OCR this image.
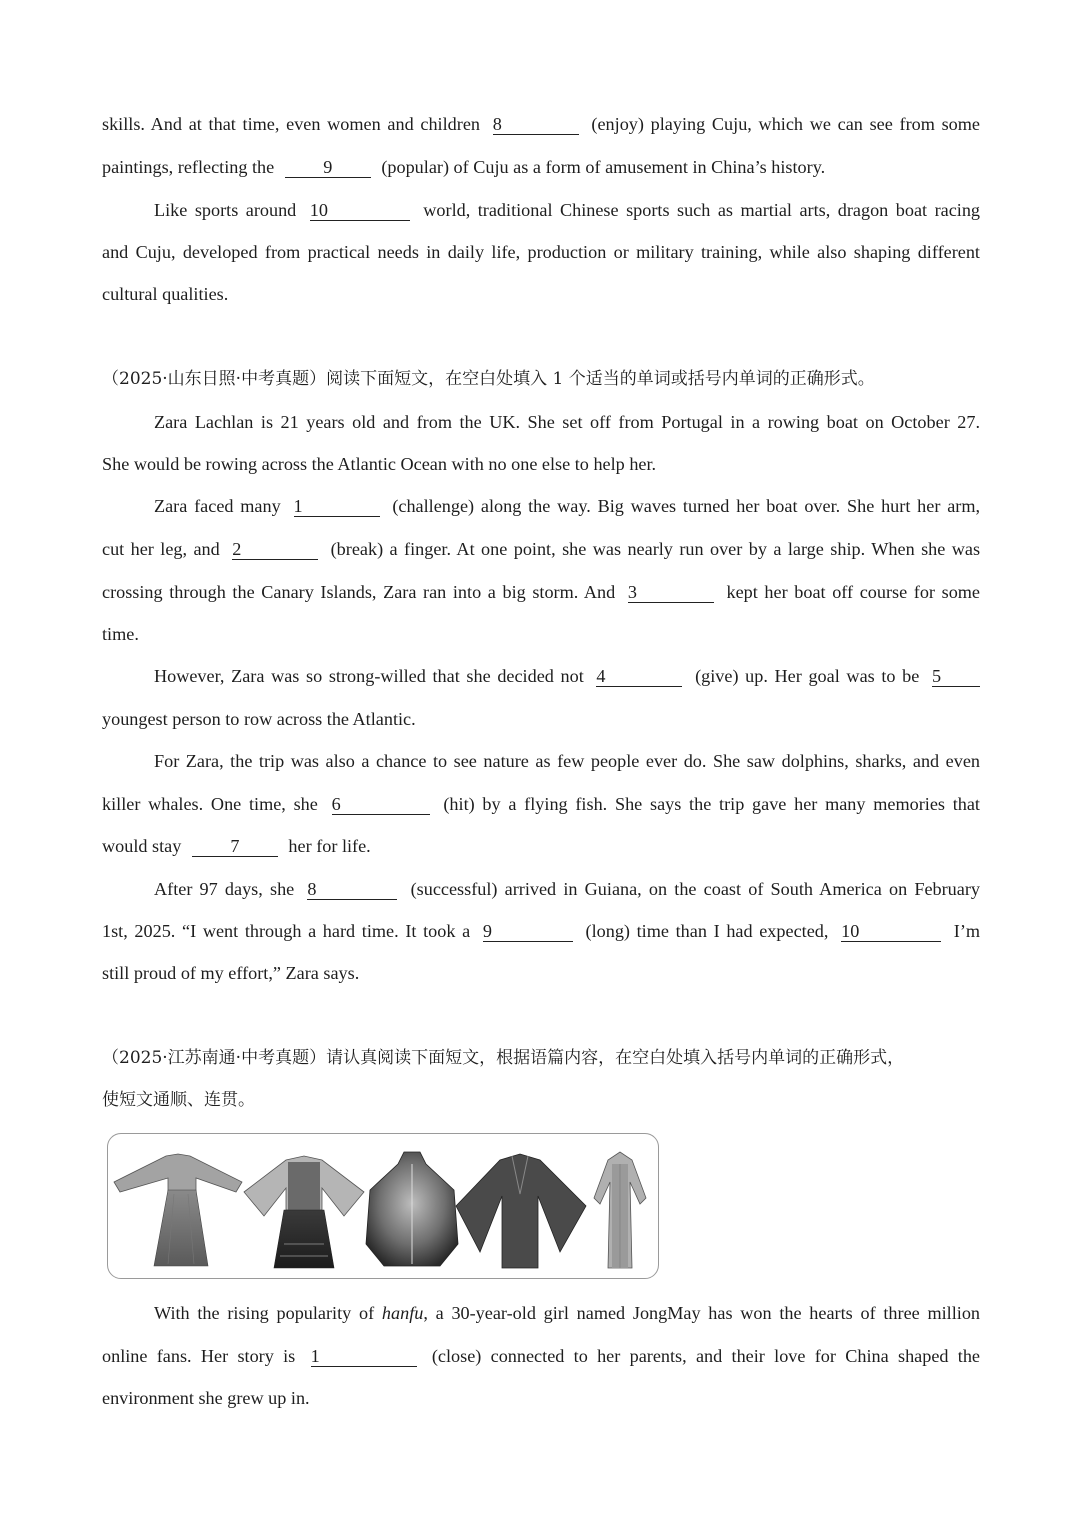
skills. And at that time, even women and children 8	(enjoy) playing Cuju, which we can see from some
paintings, reflecting the	9	(popular) of Cuju as a form of amusement in China’s history.
Like sports around 10	world, traditional Chinese sports such as martial arts, dragon boat racing
and Cuju, developed from practical needs in daily life, production or military training, while also shaping different
cultural qualities.
（2025·山东日照·中考真题）阅读下面短文，在空白处填入 1 个适当的单词或括号内单词的正确形式。
Zara Lachlan is 21 years old and from the UK. She set off from Portugal in a rowing boat on October 27.
She would be rowing across the Atlantic Ocean with no one else to help her.
Zara faced many 1	(challenge) along the way. Big waves turned her boat over. She hurt her arm,
cut her leg, and 2	(break) a finger. At one point, she was nearly run over by a large ship. When she was
crossing through the Canary Islands, Zara ran into a big storm. And 3	kept her boat off course for some
time.
However, Zara was so strong-willed that she decided not 4	(give) up. Her goal was to be 5
youngest person to row across the Atlantic.
For Zara, the trip was also a chance to see nature as few people ever do. She saw dolphins, sharks, and even
killer whales. One time, she 6	(hit) by a flying fish. She says the trip gave her many memories that
would stay	7	her for life.
After 97 days, she 8	(successful) arrived in Guiana, on the coast of South America on February
1st, 2025. “I went through a hard time. It took a 9	(long) time than I had expected, 10	I’m
still proud of my effort,” Zara says.
（2025·江苏南通·中考真题）请认真阅读下面短文，根据语篇内容，在空白处填入括号内单词的正确形式，
使短文通顺、连贯。
With the rising popularity of hanfu, a 30-year-old girl named JongMay has won the hearts of three million
online fans. Her story is 1	(close) connected to her parents, and their love for China shaped the
environment she grew up in.
